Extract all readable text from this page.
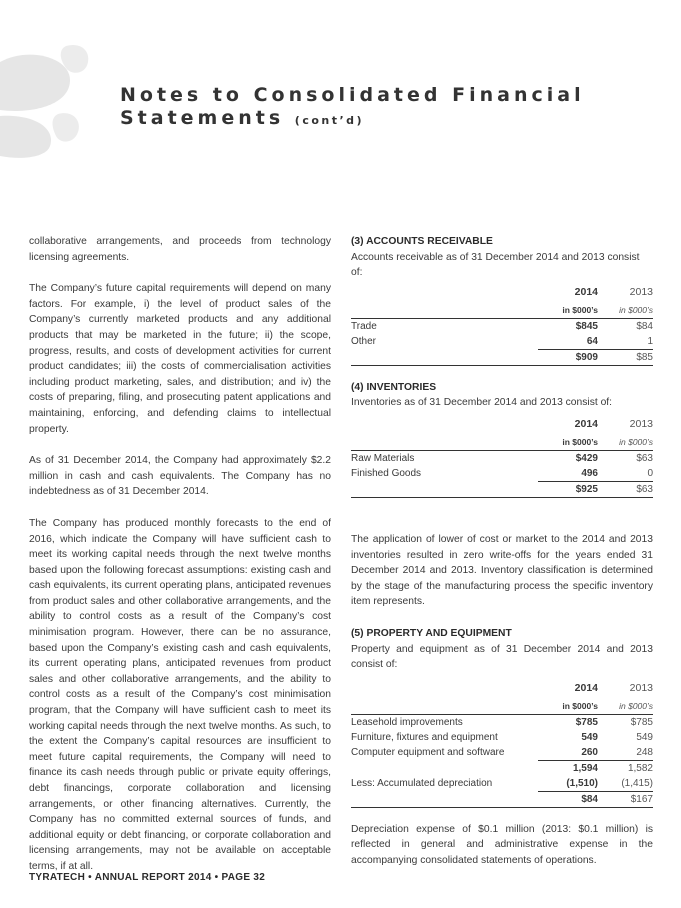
Notes to Consolidated Financial
Statements (cont’d)

collaborative arrangements, and proceeds from technology licensing agreements.

The Company’s future capital requirements will depend on many factors. For example, i) the level of product sales of the Company’s currently marketed products and any additional products that may be marketed in the future; ii) the scope, progress, results, and costs of development activities for current product candidates; iii) the costs of commercialisation activities including product marketing, sales, and distribution; and iv) the costs of preparing, filing, and prosecuting patent applications and maintaining, enforcing, and defending claims to intellectual property.

As of 31 December 2014, the Company had approximately $2.2 million in cash and cash equivalents. The Company has no indebtedness as of 31 December 2014.

The Company has produced monthly forecasts to the end of 2016, which indicate the Company will have sufficient cash to meet its working capital needs through the next twelve months based upon the following forecast assumptions: existing cash and cash equivalents, its current operating plans, anticipated revenues from product sales and other collaborative arrangements, and the ability to control costs as a result of the Company’s cost minimisation program. However, there can be no assurance, based upon the Company’s existing cash and cash equivalents, its current operating plans, anticipated revenues from product sales and other collaborative arrangements, and the ability to control costs as a result of the Company’s cost minimisation program, that the Company will have sufficient cash to meet its working capital needs through the next twelve months. As such, to the extent the Company’s capital resources are insufficient to meet future capital requirements, the Company will need to finance its cash needs through public or private equity offerings, debt financings, corporate collaboration and licensing arrangements, or other financing alternatives. Currently, the Company has no committed external sources of funds, and additional equity or debt financing, or corporate collaboration and licensing arrangements, may not be available on acceptable terms, if at all.

(3) ACCOUNTS RECEIVABLE
Accounts receivable as of 31 December 2014 and 2013 consist of:
	2014	2013
	in $000’s	in $000’s
Trade	$845	$84
Other	64	1
	$909	$85
(4) INVENTORIES
Inventories as of 31 December 2014 and 2013 consist of:
	2014	2013
	in $000’s	in $000’s
Raw Materials	$429	$63
Finished Goods	496	0
	$925	$63

The application of lower of cost or market to the 2014 and 2013 inventories resulted in zero write-offs for the years ended 31 December 2014 and 2013. Inventory classification is determined by the stage of the manufacturing process the specific inventory item represents.

(5) PROPERTY AND EQUIPMENT

Property and equipment as of 31 December 2014 and 2013 consist of:

	2014	2013
	in $000’s	in $000’s
Leasehold improvements	$785	$785
Furniture, fixtures and equipment	549	549
Computer equipment and software	260	248
	1,594	1,582
Less: Accumulated depreciation	(1,510)	(1,415)
	$84	$167

Depreciation expense of $0.1 million (2013: $0.1 million) is reflected in general and administrative expense in the accompanying consolidated statements of operations.

TYRATECH • ANNUAL REPORT 2014 • PAGE 32
